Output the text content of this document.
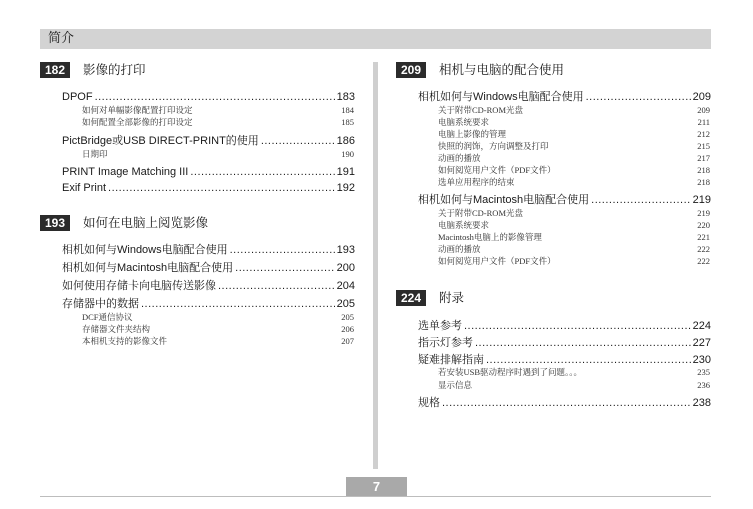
简介
182	影像的打印
DPOF .....	183
如何对单幅影像配置打印设定	184
如何配置全部影像的打印设定	185
PictBridge或USB DIRECT-PRINT的使用 .....	186
日期印	190
PRINT Image Matching III .....	191
Exif Print .....	192
193	如何在电脑上阅览影像
相机如何与Windows电脑配合使用 .....	193
相机如何与Macintosh电脑配合使用 .....	200
如何使用存储卡向电脑传送影像 .....	204
存储器中的数据 .....	205
DCF通信协议	205
存储器文件夹结构	206
本相机支持的影像文件	207
209	相机与电脑的配合使用
相机如何与Windows电脑配合使用 .....	209
关于附带CD-ROM光盘	209
电脑系统要求	211
电脑上影像的管理	212
快照的润饰，方向调整及打印	215
动画的播放	217
如何阅览用户文件（PDF文件）	218
选单应用程序的结束	218
相机如何与Macintosh电脑配合使用 .....	219
关于附带CD-ROM光盘	219
电脑系统要求	220
Macintosh电脑上的影像管理	221
动画的播放	222
如何阅览用户文件（PDF文件）	222
224	附录
选单参考 .....	224
指示灯参考 .....	227
疑难排解指南 .....	230
若安装USB驱动程序时遇到了问题。。。	235
显示信息	236
规格 .....	238
7
